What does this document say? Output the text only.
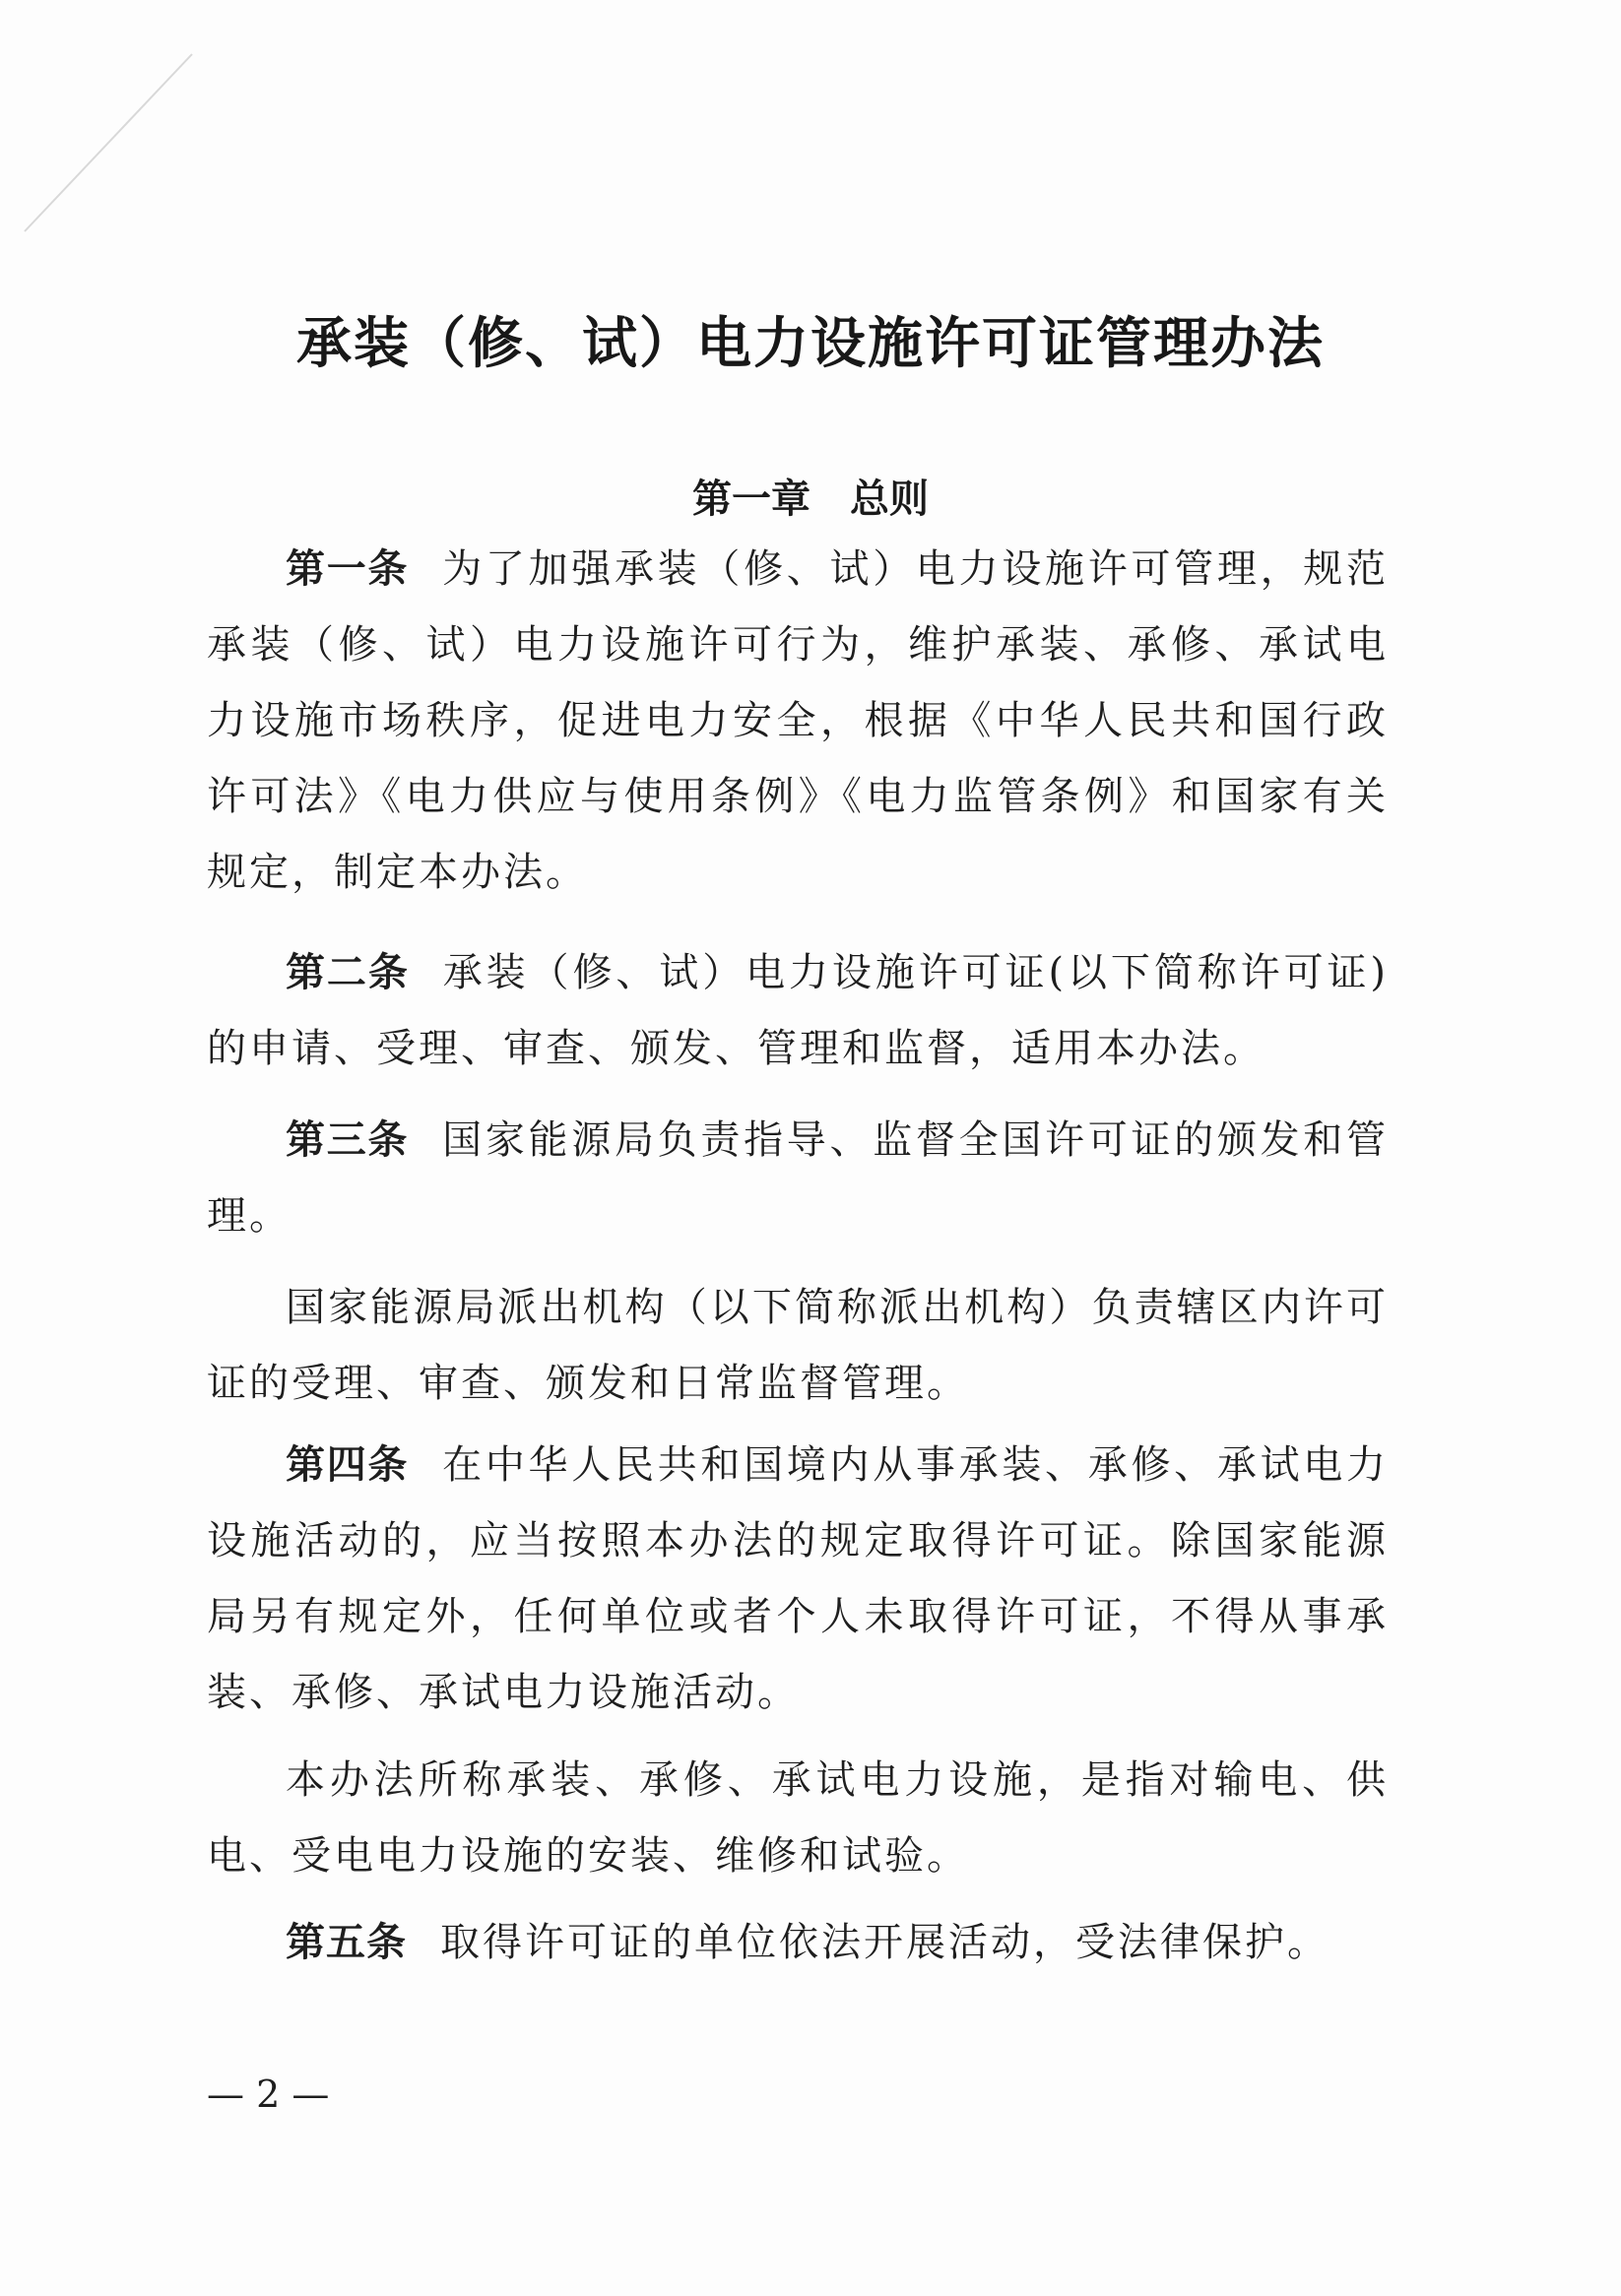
承装（修、试）电力设施许可证管理办法
第一章　总则

第一条 为了加强承装（修、试）电力设施许可管理，规范承装（修、试）电力设施许可行为，维护承装、承修、承试电力设施市场秩序，促进电力安全，根据《中华人民共和国行政许可法》《电力供应与使用条例》《电力监管条例》和国家有关规定，制定本办法。

第二条 承装（修、试）电力设施许可证(以下简称许可证)的申请、受理、审查、颁发、管理和监督，适用本办法。

第三条 国家能源局负责指导、监督全国许可证的颁发和管理。

国家能源局派出机构（以下简称派出机构）负责辖区内许可证的受理、审查、颁发和日常监督管理。

第四条 在中华人民共和国境内从事承装、承修、承试电力设施活动的，应当按照本办法的规定取得许可证。除国家能源局另有规定外，任何单位或者个人未取得许可证，不得从事承装、承修、承试电力设施活动。

本办法所称承装、承修、承试电力设施，是指对输电、供电、受电电力设施的安装、维修和试验。

第五条 取得许可证的单位依法开展活动，受法律保护。

— 2 —
